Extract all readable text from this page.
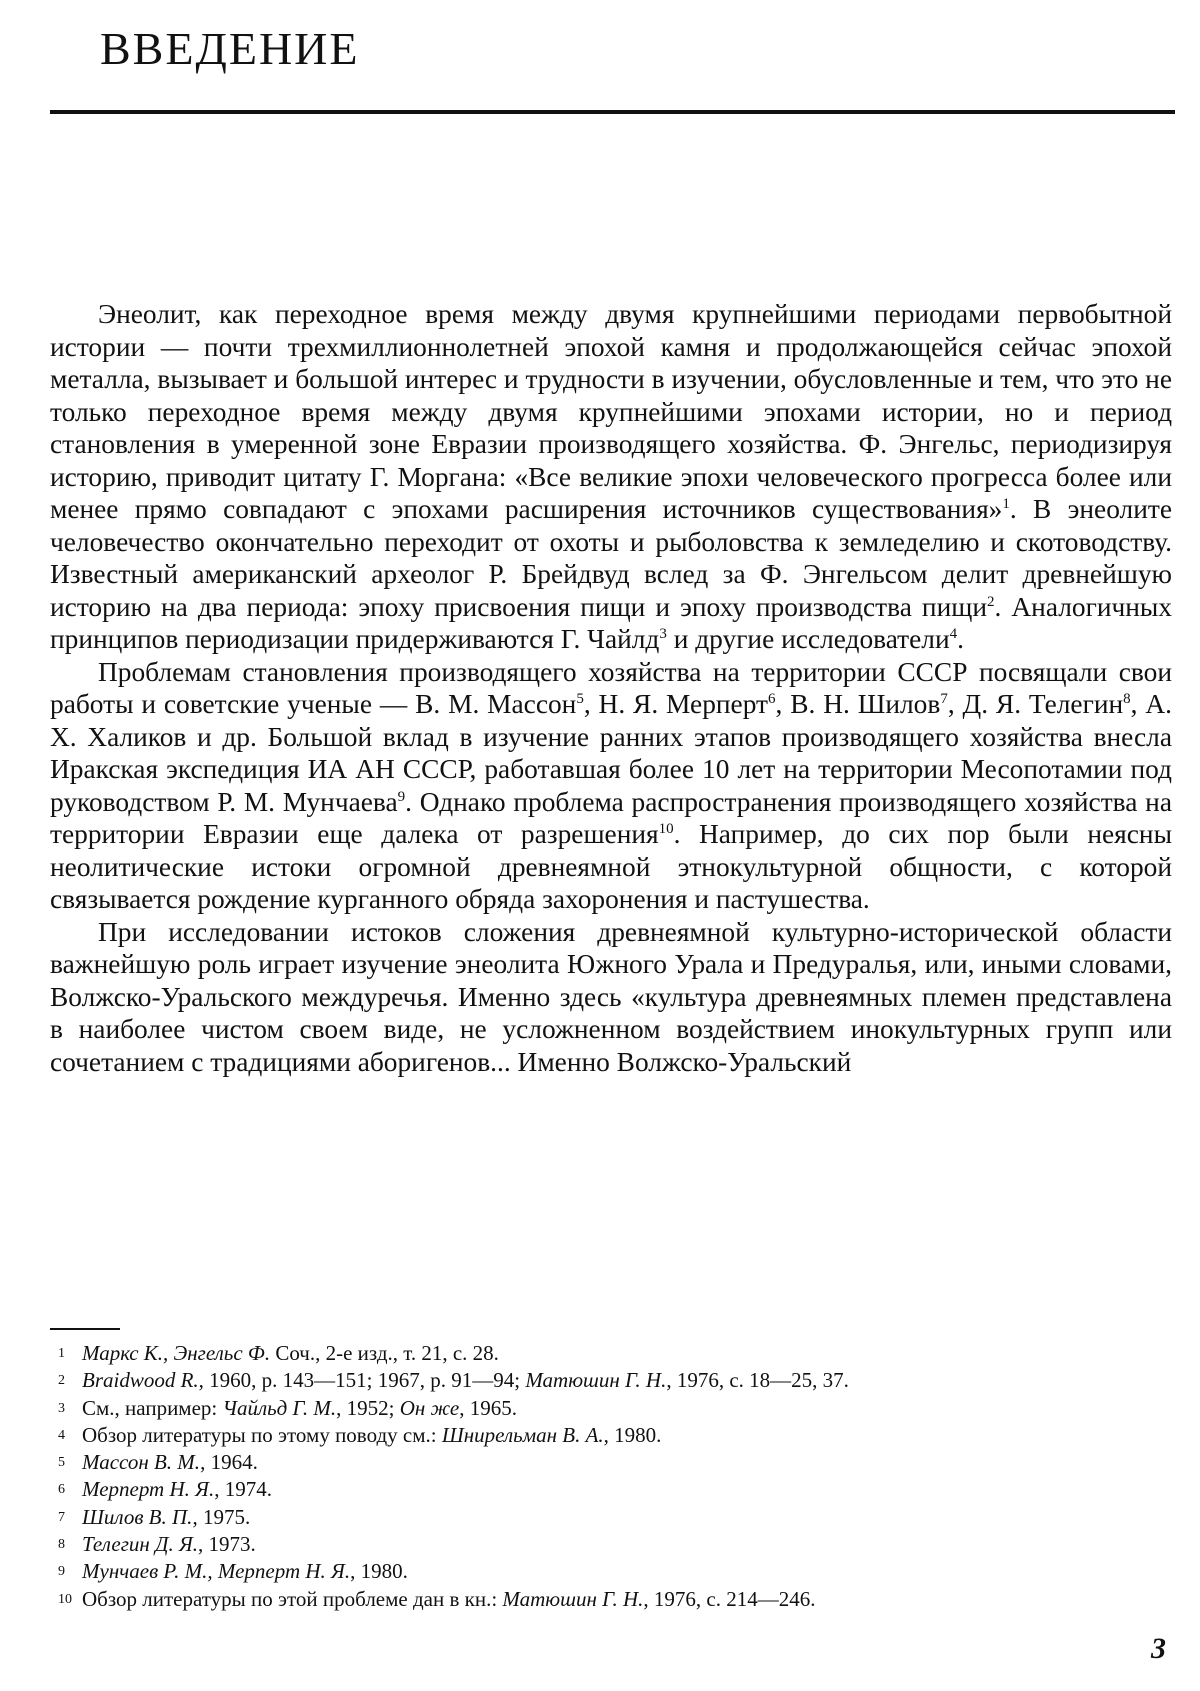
ВВЕДЕНИЕ

Энеолит, как переходное время между двумя крупнейшими периодами первобытной истории — почти трехмиллионнолетней эпохой камня и продолжающейся сейчас эпохой металла, вызывает и большой интерес и трудности в изучении, обусловленные и тем, что это не только переходное время между двумя крупнейшими эпохами истории, но и период становления в умеренной зоне Евразии производящего хозяйства. Ф. Энгельс, периодизируя историю, приводит цитату Г. Моргана: «Все великие эпохи человеческого прогресса более или менее прямо совпадают с эпохами расширения источников существования»$^1$. В энеолите человечество окончательно переходит от охоты и рыболовства к земледелию и скотоводству. Известный американский археолог Р. Брейдвуд вслед за Ф. Энгельсом делит древнейшую историю на два периода: эпоху присвоения пищи и эпоху производства пищи$^2$. Аналогичных принципов периодизации придерживаются Г. Чайлд$^3$ и другие исследователи$^4$.

Проблемам становления производящего хозяйства на территории СССР посвящали свои работы и советские ученые — В. М. Массон$^5$, Н. Я. Мерперт$^6$, В. Н. Шилов$^7$, Д. Я. Телегин$^8$, А. Х. Халиков и др. Большой вклад в изучение ранних этапов производящего хозяйства внесла Иракская экспедиция ИА АН СССР, работавшая более 10 лет на территории Месопотамии под руководством Р. М. Мунчаева$^9$. Однако проблема распространения производящего хозяйства на территории Евразии еще далека от разрешения$^{10}$. Например, до сих пор были неясны неолитические истоки огромной древнеямной этнокультурной общности, с которой связывается рождение курганного обряда захоронения и пастушества.

При исследовании истоков сложения древнеямной культурно-исторической области важнейшую роль играет изучение энеолита Южного Урала и Предуралья, или, иными словами, Волжско-Уральского междуречья. Именно здесь «культура древнеямных племен представлена в наиболее чистом своем виде, не усложненном воздействием инокультурных групп или сочетанием с традициями аборигенов... Именно Волжско-Уральский

1 Маркс К., Энгельс Ф. Соч., 2-е изд., т. 21, с. 28.
2 Braidwood R., 1960, p. 143—151; 1967, p. 91—94; Матюшин Г. Н., 1976, с. 18—25, 37.
3 См., например: Чайльд Г. М., 1952; Он же, 1965.
4 Обзор литературы по этому поводу см.: Шнирельман В. А., 1980.
5 Массон В. М., 1964.
6 Мерперт Н. Я., 1974.
7 Шилов В. П., 1975.
8 Телегин Д. Я., 1973.
9 Мунчаев Р. М., Мерперт Н. Я., 1980.
10 Обзор литературы по этой проблеме дан в кн.: Матюшин Г. Н., 1976, с. 214—246.
3
